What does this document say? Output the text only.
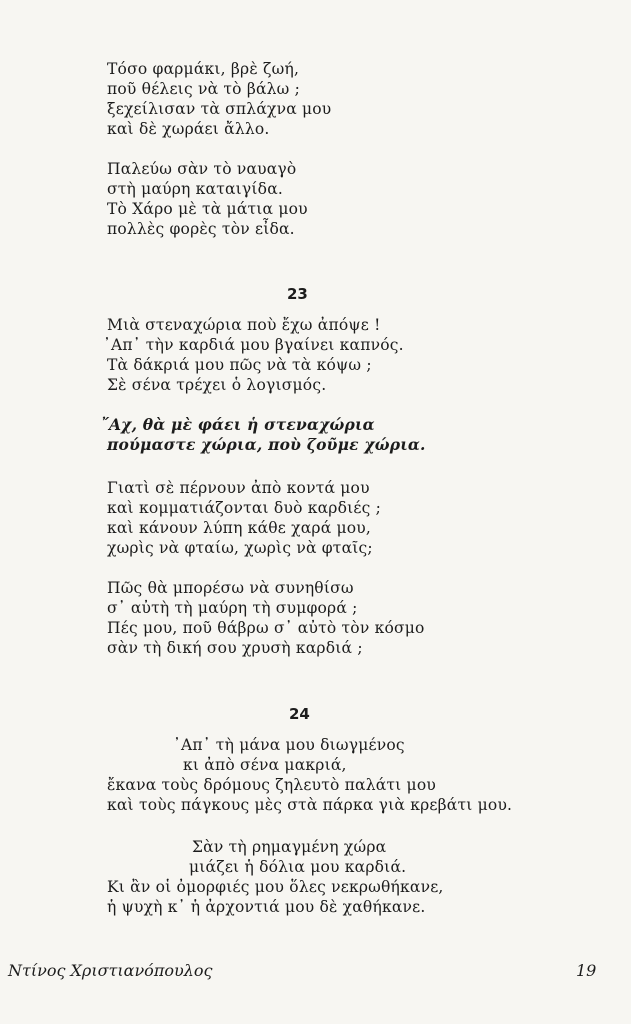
Τόσο φαρμάκι, βρὲ ζωή,
ποῦ θέλεις νὰ τὸ βάλω ;
ξεχείλισαν τὰ σπλάχνα μου
καὶ δὲ χωράει ἄλλο.
Παλεύω σὰν τὸ ναυαγὸ
στὴ μαύρη καταιγίδα.
Τὸ Χάρο μὲ τὰ μάτια μου
πολλὲς φορὲς τὸν εἶδα.
23
Μιὰ στεναχώρια ποὺ ἔχω ἀπόψε !
᾿Απ᾿ τὴν καρδιά μου βγαίνει καπνός.
Τὰ δάκριά μου πῶς νὰ τὰ κόψω ;
Σὲ σένα τρέχει ὁ λογισμός.
῎Αχ, θὰ μὲ φάει ἡ στεναχώρια
πούμαστε χώρια, ποὺ ζοῦμε χώρια.
Γιατὶ σὲ πέρνουν ἀπὸ κοντά μου
καὶ κομματιάζονται δυὸ καρδιές ;
καὶ κάνουν λύπη κάθε χαρά μου,
χωρὶς νὰ φταίω, χωρὶς νὰ φταῖς;
Πῶς θὰ μπορέσω νὰ συνηθίσω
σ᾿ αὐτὴ τὴ μαύρη τὴ συμφορά ;
Πές μου, ποῦ θάβρω σ᾿ αὐτὸ τὸν κόσμο
σὰν τὴ δική σου χρυσὴ καρδιά ;
24
᾿Απ᾿ τὴ μάνα μου διωγμένος
κι ἀπὸ σένα μακριά,
ἔκανα τοὺς δρόμους ζηλευτὸ παλάτι μου
καὶ τοὺς πάγκους μὲς στὰ πάρκα γιὰ κρεβάτι μου.
Σὰν τὴ ρημαγμένη χώρα
μιάζει ἡ δόλια μου καρδιά.
Κι ἂν οἱ ὀμορφιές μου ὅλες νεκρωθήκανε,
ἡ ψυχὴ κ᾿ ἡ ἀρχοντιά μου δὲ χαθήκανε.
Ντίνος Χριστιανόπουλος	19
